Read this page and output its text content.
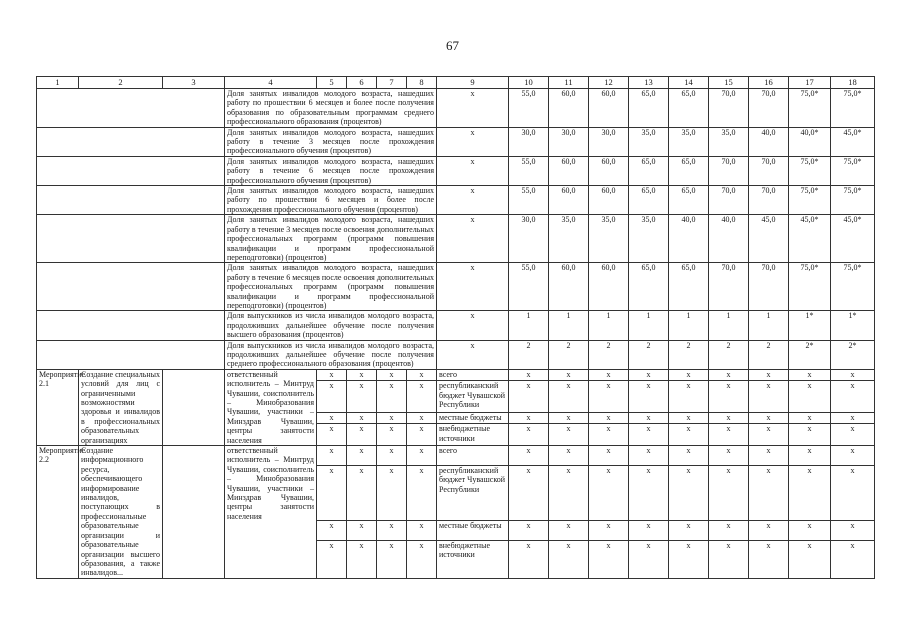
67
1	2	3	4	5	6	7	8	9	10	11	12	13	14	15	16	17	18
			Доля занятых инвалидов молодого возраста, нашедших работу по прошествии 6 месяцев и более после получения образования по образовательным программам среднего профессионального образования (процентов)					x	55,0	60,0	60,0	65,0	65,0	70,0	70,0	75,0*	75,0*
			Доля занятых инвалидов молодого возраста, нашедших работу в течение 3 месяцев после прохождения профессионального обучения (процентов)					x	30,0	30,0	30,0	35,0	35,0	35,0	40,0	40,0*	45,0*
			Доля занятых инвалидов молодого возраста, нашедших работу в течение 6 месяцев после прохождения профессионального обучения (процентов)					x	55,0	60,0	60,0	65,0	65,0	70,0	70,0	75,0*	75,0*
			Доля занятых инвалидов молодого возраста, нашедших работу по прошествии 6 месяцев и более после прохождения профессионального обучения (процентов)					x	55,0	60,0	60,0	65,0	65,0	70,0	70,0	75,0*	75,0*
			Доля занятых инвалидов молодого возраста, нашедших работу в течение 3 месяцев после освоения дополнительных профессиональных программ (программ повышения квалификации и программ профессиональной переподготовки) (процентов)					x	30,0	35,0	35,0	35,0	40,0	40,0	45,0	45,0*	45,0*
			Доля занятых инвалидов молодого возраста, нашедших работу в течение 6 месяцев после освоения дополнительных профессиональных программ (программ повышения квалификации и программ профессиональной переподготовки) (процентов)					x	55,0	60,0	60,0	65,0	65,0	70,0	70,0	75,0*	75,0*
			Доля выпускников из числа инвалидов молодого возраста, продолживших дальнейшее обучение после получения высшего образования (процентов)					x	1	1	1	1	1	1	1	1*	1*
			Доля выпускников из числа инвалидов молодого возраста, продолживших дальнейшее обучение после получения среднего профессионального образования (процентов)					x	2	2	2	2	2	2	2	2*	2*
Мероприятие 2.1	Создание специальных условий для лиц с ограниченными возможностями здоровья и инвалидов в профессиональных образовательных организациях		ответственный исполнитель – Минтруд Чувашии, соисполнитель – Минобразования Чувашии, участники – Минздрав Чувашии, центры занятости населения	x	x	x	x	всего	x	x	x	x	x	x	x	x	x
				x	x	x	x	республиканский бюджет Чувашской Республики	x	x	x	x	x	x	x	x	x
				x	x	x	x	местные бюджеты	x	x	x	x	x	x	x	x	x
				x	x	x	x	внебюджетные источники	x	x	x	x	x	x	x	x	x
Мероприятие 2.2	Создание информационного ресурса, обеспечивающего информирование инвалидов, поступающих в профессиональные образовательные организации и образовательные организации высшего образования, а также инвалидов...		ответственный исполнитель – Минтруд Чувашии, соисполнитель – Минобразования Чувашии, участники – Минздрав Чувашии, центры занятости населения	x	x	x	x	всего	x	x	x	x	x	x	x	x	x
				x	x	x	x	республиканский бюджет Чувашской Республики	x	x	x	x	x	x	x	x	x
				x	x	x	x	местные бюджеты	x	x	x	x	x	x	x	x	x
				x	x	x	x	внебюджетные источники	x	x	x	x	x	x	x	x	x
